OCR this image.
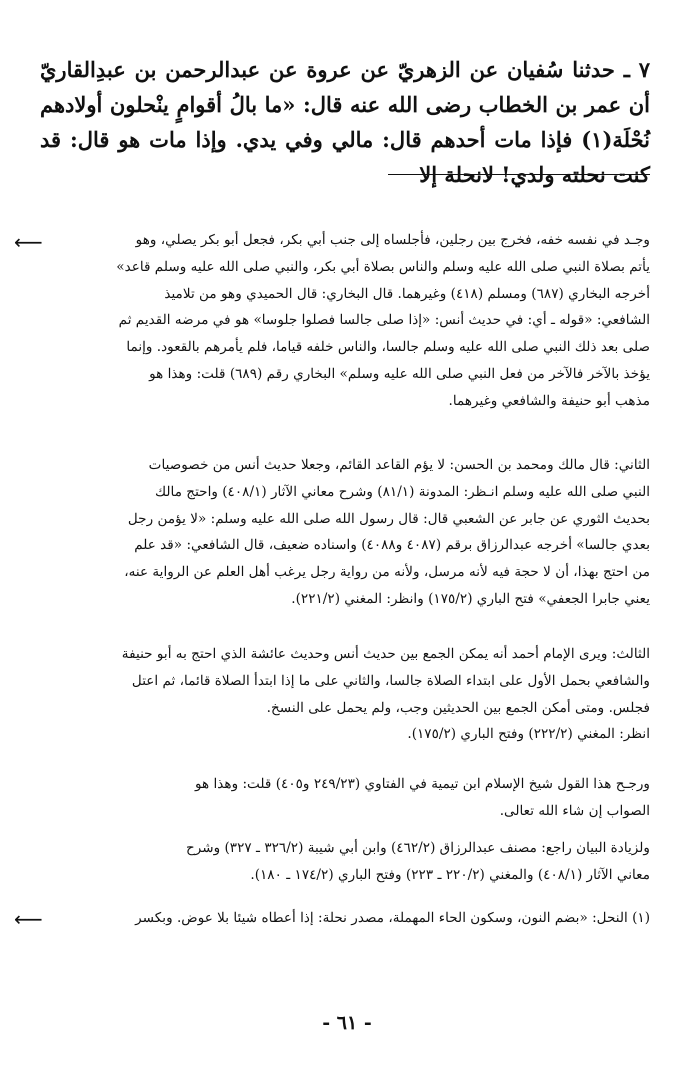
٧ ـ حدثنا سُفيان عن الزهريّ عن عروة عن عبدالرحمن بن عبدِالقاريّ أن عمر بن الخطاب رضى الله عنه قال: «ما بالُ أقوامٍ ينْحلون أولادهم نُحْلَة(١) فإذا مات أحدهم قال: مالي وفي يدي. وإذا مات هو قال: قد كنت نحلته ولدي! لانحلة إلا

⟵	وجـد في نفسه خفه، فخرج بين رجلين، فأجلساه إلى جنب أبي بكر، فجعل أبو بكر يصلي، وهو

يأتم بصلاة النبي صلى الله عليه وسلم والناس بصلاة أبي بكر، والنبي صلى الله عليه وسلم قاعد»

أخرجه البخاري (٦٨٧) ومسلم (٤١٨) وغيرهما. قال البخاري: قال الحميدي وهو من تلاميذ

الشافعي: «قوله ـ أي: في حديث أنس: «إذا صلى جالسا فصلوا جلوسا» هو في مرضه القديم ثم

صلى بعد ذلك النبي صلى الله عليه وسلم جالسا، والناس خلفه قياما، فلم يأمرهم بالقعود. وإنما

يؤخذ بالآخر فالآخر من فعل النبي صلى الله عليه وسلم» البخاري رقم (٦٨٩) قلت: وهذا هو

مذهب أبو حنيفة والشافعي وغيرهما.

الثاني: قال مالك ومحمد بن الحسن: لا يؤم القاعد القائم، وجعلا حديث أنس من خصوصيات

النبي صلى الله عليه وسلم انـظر: المدونة (٨١/١) وشرح معاني الآثار (٤٠٨/١) واحتج مالك

بحديث الثوري عن جابر عن الشعبي قال: قال رسول الله صلى الله عليه وسلم: «لا يؤمن رجل

بعدي جالسا» أخرجه عبدالرزاق برقم (٤٠٨٧ و٤٠٨٨) واسناده ضعيف، قال الشافعي: «قد علم

من احتج بهذا، أن لا حجة فيه لأنه مرسل، ولأنه من رواية رجل يرغب أهل العلم عن الرواية عنه،

يعني جابرا الجعفي» فتح الباري (١٧٥/٢) وانظر: المغني (٢٢١/٢).

الثالث: ويرى الإمام أحمد أنه يمكن الجمع بين حديث أنس وحديث عائشة الذي احتج به أبو حنيفة

والشافعي بحمل الأول على ابتداء الصلاة جالسا، والثاني على ما إذا ابتدأ الصلاة قائما، ثم اعتل

فجلس. ومتى أمكن الجمع بين الحديثين وجب، ولم يحمل على النسخ.

انظر: المغني (٢٢٢/٢) وفتح الباري (١٧٥/٢).

ورجـح هذا القول شيخ الإسلام ابن تيمية في الفتاوي (٢٤٩/٢٣ و٤٠٥) قلت: وهذا هو

الصواب إن شاء الله تعالى.

ولزيادة البيان راجع: مصنف عبدالرزاق (٤٦٢/٢) وابن أبي شيبة (٣٢٦/٢ ـ ٣٢٧) وشرح

معاني الآثار (٤٠٨/١) والمغني (٢٢٠/٢ ـ ٢٢٣) وفتح الباري (١٧٤/٢ ـ ١٨٠).

(١) النحل: «بضم النون، وسكون الحاء المهملة، مصدر نحلة: إذا أعطاه شيئا بلا عوض. وبكسر

⟵
- ٦١ -
